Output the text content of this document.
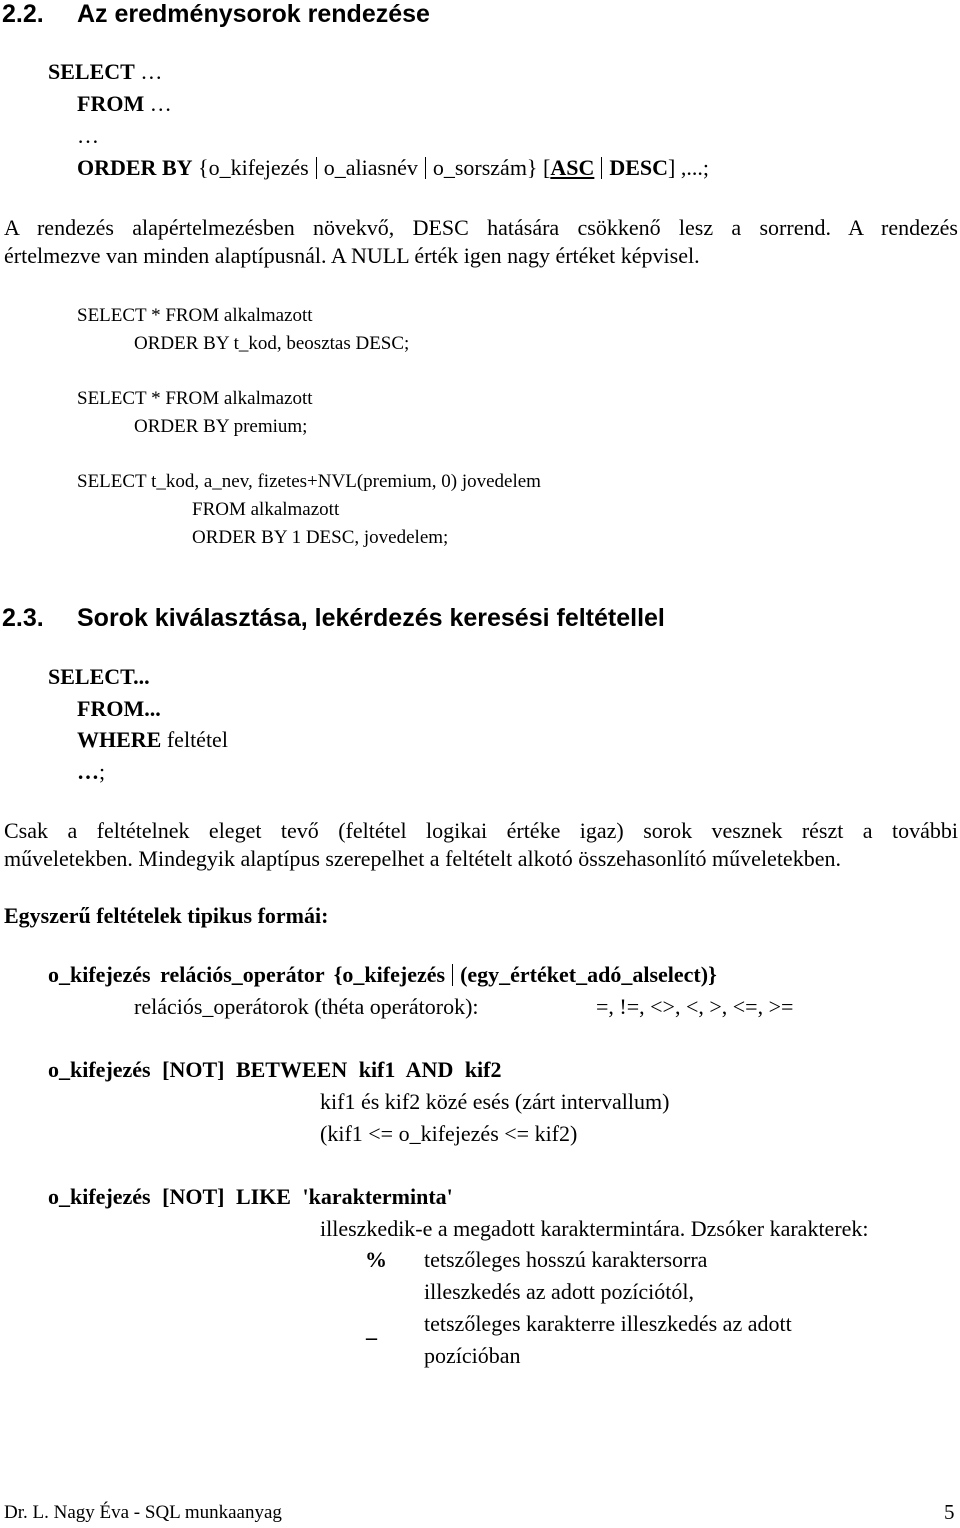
2.2. Az eredménysorok rendezése
SELECT …
FROM …
…
ORDER BY {o_kifejezés o_aliasnév o_sorszám} [ASC DESC] ,...;
A rendezés alapértelmezésben növekvő, DESC hatására csökkenő lesz a sorrend. A rendezés
értelmezve van minden alaptípusnál. A NULL érték igen nagy értéket képvisel.
SELECT * FROM alkalmazott
ORDER BY t_kod, beosztas DESC;
SELECT * FROM alkalmazott
ORDER BY premium;
SELECT t_kod, a_nev, fizetes+NVL(premium, 0) jovedelem
FROM alkalmazott
ORDER BY 1 DESC, jovedelem;
2.3. Sorok kiválasztása, lekérdezés keresési feltétellel
SELECT...
FROM...
WHERE feltétel
…;
Csak a feltételnek eleget tevő (feltétel logikai értéke igaz) sorok vesznek részt a további
műveletekben. Mindegyik alaptípus szerepelhet a feltételt alkotó összehasonlító műveletekben.
Egyszerű feltételek tipikus formái:
o_kifejezés relációs_operátor {o_kifejezés (egy_értéket_adó_alselect)}
relációs_operátorok (théta operátorok):	=, !=, <>, <, >, <=, >=
o_kifejezés [NOT] BETWEEN kif1 AND kif2
kif1 és kif2 közé esés (zárt intervallum)
(kif1 <= o_kifejezés <= kif2)
o_kifejezés [NOT] LIKE 'karakterminta'
illeszkedik-e a megadott karaktermintára. Dzsóker karakterek:
% tetszőleges hosszú karaktersorra
illeszkedés az adott pozíciótól,
_ tetszőleges karakterre illeszkedés az adott
pozícióban
Dr. L. Nagy Éva - SQL munkaanyag	5
